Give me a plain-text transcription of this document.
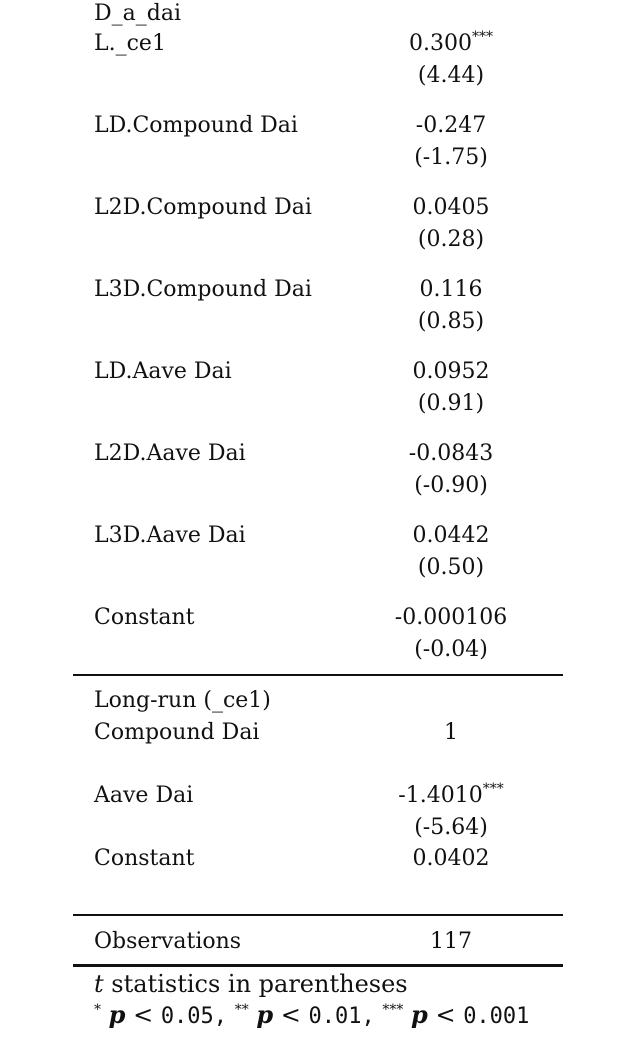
D_a_dai
L._ce1	0.300***
(4.44)
LD.Compound Dai	-0.247
(-1.75)
L2D.Compound Dai	0.0405
(0.28)
L3D.Compound Dai	0.116
(0.85)
LD.Aave Dai	0.0952
(0.91)
L2D.Aave Dai	-0.0843
(-0.90)
L3D.Aave Dai	0.0442
(0.50)
Constant	-0.000106
(-0.04)
Long-run (_ce1)
Compound Dai	1
Aave Dai	-1.4010***
(-5.64)
Constant	0.0402
Observations	117
t statistics in parentheses
* p < 0.05, ** p < 0.01, *** p < 0.001
